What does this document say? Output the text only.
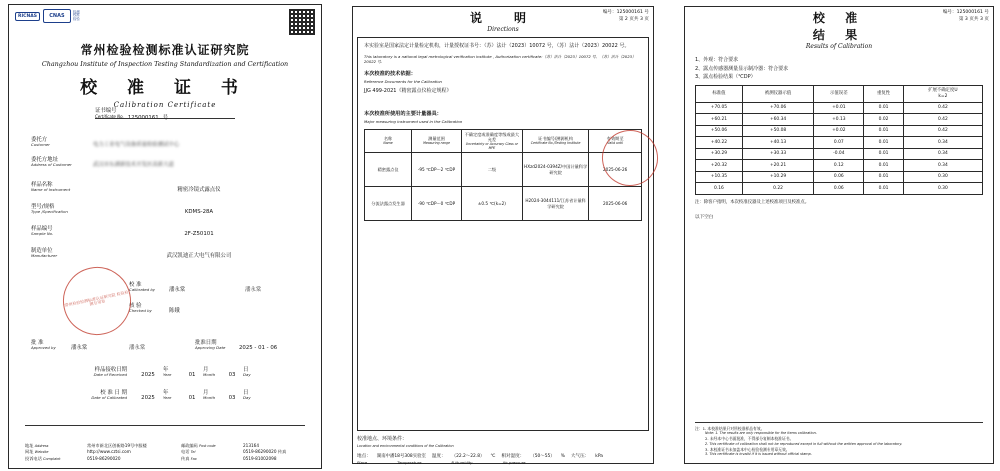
RICNAS	CNAS
检测
校准
检验
常州检验检测标准认证研究院
Changzhou Institute of Inspection Testing Standardization and Certification
校 准 证 书
Calibration Certificate
证书编号
Certificate No. 125000161 号
委托方
Customer	电力工业电气设备质量检验测试中心
委托方地址
Address of Customer	武汉市东湖新技术开发区高新大道
样品名称
Name of Instrument	精密冷镜式露点仪
型号/规格
Type /Specification	KDMS-28A
样品编号
Sample No.	2F-Z50101
制造单位
Manufacturer	武汉凯迪正大电气有限公司
校 准
Calibrated by	潘永棠	潘永棠
核 验
Checked by	陈娥
常州检验检测标准认证研究院 检验检测专用章
批 准
Approved by	潘永棠	潘永棠
批准日期
Approving Date	2025 - 01 - 06
样品接收日期
Date of Received	2025
年
Year	01
月
Month	03
日
Day
校 准 日 期
Date of Calibrated	2025
年
Year	01
月
Month	03
日
Day
地址 Address	常州市新北区创新路19号中服楼	邮政编码 Post code	213164
网址 Website	http://www.cztsi.com	电话 Tel	0519-86290020 传真
投诉电话 Complaint	0519-86290020	传真 Fax	0519-81002098
说　明
Directions
编号：125000161 号
第 2 页共 3 页

本实验室是国家法定计量检定机构，计量授权证书号：（苏）法计（2023）10072 号，（苏）法计（2023）20022 号。

This laboratory is a national legal metrological verification institute , Authorization certificate:（苏）法计（2023）10072 号、（苏）法计（2023）20022 号.
本次校准的技术依据：
Reference Documents for the Calibration

JJG 499-2021《精密露点仪检定规程》

本次校准所使用的主要计量器具：
Major measuring instrument used in the Calibration
名称
Name	测量范围
Measuring range	不确定度或准确度等级或最大允差
Uncertainty or Accuracy Class or MPE	证书编号/溯源机构
Certificate No./Testing Institute	有效期至
Valid until

精密露点仪	-95 ℃DP～2 ℃DP	二级	HXzd2024-0394Z/中国计量科学研究院	2025-06-26
分流法露点发生器	-90 ℃DP～0 ℃DP	±0.5 ℃(k=2)	H2024-3044111/江苏省计量科学研究院	2025-06-06
校准地点、环境条件：
Location and environmental conditions of the Calibration
地点： 湖南中潘18号308实验室 温度： （22.2～22.8） ℃ 相对湿度： （50～55） % 大气压： kPa
Place	Temperature	R.Humidity	Air pressure
校 准 结 果
Results of Calibration
编号：125000161 号
第 3 页共 3 页
1、外观：符合要求
2、露点传感器测量显示制冷器：符合要求
3、露点检验结果（℃DP）
标准值	被测仪器示值	示值误差	重复性	扩展不确定度U
k=2
+70.05	+70.06	+0.01	0.01	0.42
+60.21	+60.34	+0.13	0.02	0.42
+50.06	+50.08	+0.02	0.01	0.42
+40.22	+40.13	0.07	0.01	0.34
+30.29	+30.33	-0.04	0.01	0.34
+20.32	+20.21	0.12	0.01	0.34
+10.35	+10.29	0.06	0.01	0.30
0.16	0.22	0.06	0.01	0.30
注：除客户指明，本次校准仪器及上述校准项目及校准点。
以下空白
注：1. 本校准结果只对所校准样品有效。
Note: 1. The results are only responsible for the items calibration.
2. 未经本中心书面批准，不得部分复制本校准证书。
2. This certificate of calibration shall not be reproduced except in full without the written approval of the laboratory.
3. 本校准证书未加盖本中心检验检测专用章无效。
3. This certificate is invalid if it is issued without official stamp.
